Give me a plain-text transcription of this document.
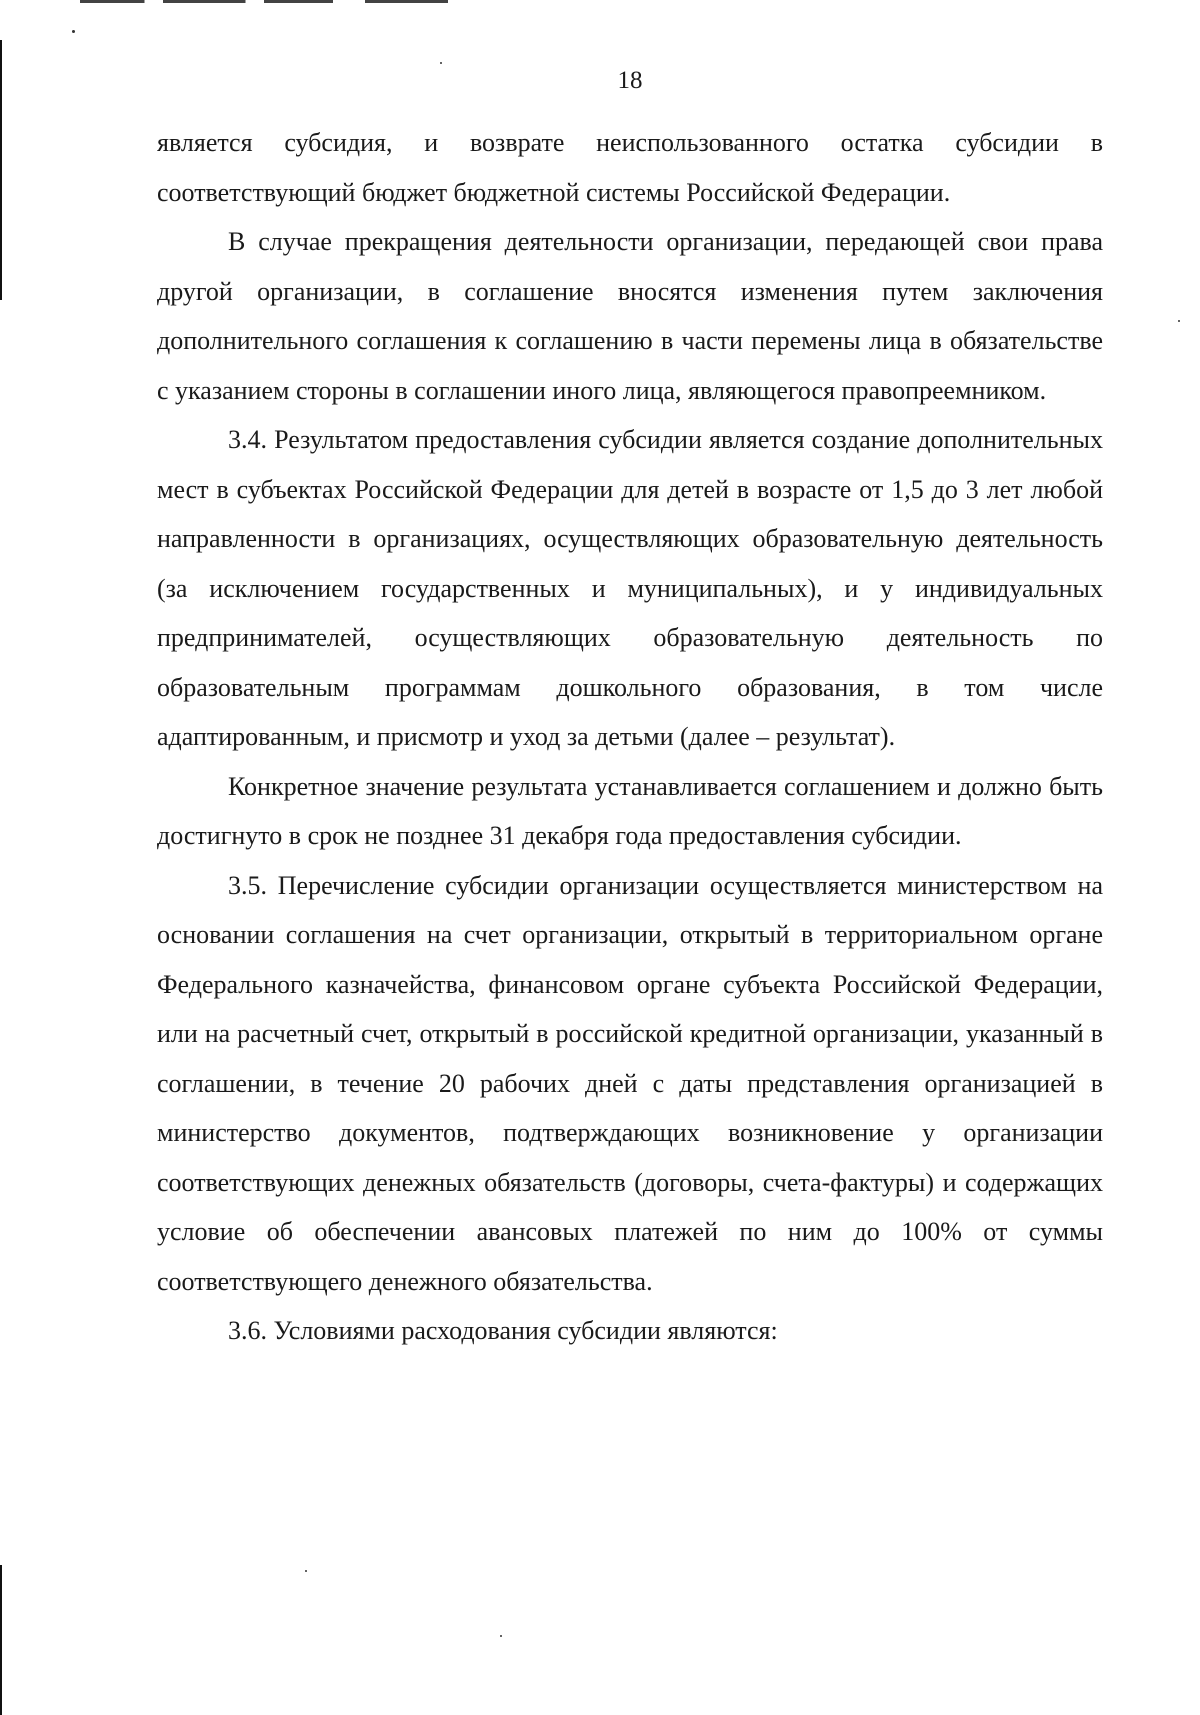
18

является субсидия, и возврате неиспользованного остатка субсидии в соответствующий бюджет бюджетной системы Российской Федерации.

В случае прекращения деятельности организации, передающей свои права другой организации, в соглашение вносятся изменения путем заключения дополнительного соглашения к соглашению в части перемены лица в обязательстве с указанием стороны в соглашении иного лица, являющегося правопреемником.

3.4. Результатом предоставления субсидии является создание дополнительных мест в субъектах Российской Федерации для детей в возрасте от 1,5 до 3 лет любой направленности в организациях, осуществляющих образовательную деятельность (за исключением государственных и муниципальных), и у индивидуальных предпринимателей, осуществляющих образовательную деятельность по образовательным программам дошкольного образования, в том числе адаптированным, и присмотр и уход за детьми (далее – результат).

Конкретное значение результата устанавливается соглашением и должно быть достигнуто в срок не позднее 31 декабря года предоставления субсидии.

3.5. Перечисление субсидии организации осуществляется министерством на основании соглашения на счет организации, открытый в территориальном органе Федерального казначейства, финансовом органе субъекта Российской Федерации, или на расчетный счет, открытый в российской кредитной организации, указанный в соглашении, в течение 20 рабочих дней с даты представления организацией в министерство документов, подтверждающих возникновение у организации соответствующих денежных обязательств (договоры, счета-фактуры) и содержащих условие об обеспечении авансовых платежей по ним до 100% от суммы соответствующего денежного обязательства.

3.6. Условиями расходования субсидии являются:
